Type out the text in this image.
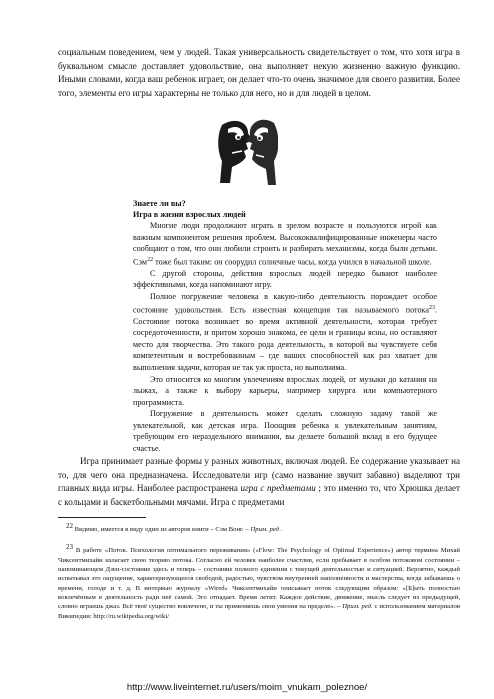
социальным поведением, чем у людей. Такая универсальность свидетельствует о том, что хотя игра в буквальном смысле доставляет удовольствие, она выполняет некую жизненно важную функцию. Иными словами, когда ваш ребенок играет, он делает что-то очень значимое для своего развития. Более того, элементы его игры характерны не только для него, но и для людей в целом.

Знаете ли вы?
Игра в жизни взрослых людей

Многие люди продолжают играть в зрелом возрасте и пользуются игрой как важным компонентом решения проблем. Высококвалифицированные инженеры часто сообщают о том, что они любили строить и разбирать механизмы, когда были детьми. Сэм$^{22}$ тоже был таким: он соорудил солнечные часы, когда учился в начальной школе.

С другой стороны, действия взрослых людей нередко бывают наиболее эффективными, когда напоминают игру.

Полное погружение человека в какую-либо деятельность порождает особое состояние удовольствия. Есть известная концепция так называемого потока$^{23}$. Состояние потока возникает во время активной деятельности, которая требует сосредоточенности, и притом хорошо знакома, ее цели и границы ясны, но оставляют место для творчества. Это такого рода деятельность, в которой вы чувствуете себя компетентным и востребованным – где ваших способностей как раз хватает для выполнения задачи, которая не так уж проста, но выполнима.

Это относится ко многим увлечениям взрослых людей, от музыки до катания на лыжах, а также к выбору карьеры, например хирурга или компьютерного программиста.

Погружение в деятельность может сделать сложную задачу такой же увлекательной, как детская игра. Поощряя ребенка к увлекательным занятиям, требующим его нераздельного внимания, вы делаете большой вклад в его будущее счастье.

Игра принимает разные формы у разных животных, включая людей. Ее содержание указывает на то, для чего она предназначена. Исследователи игр (само название звучит забавно) выделяют три главных вида игры. Наиболее распространена игра с предметами ; это именно то, что Хрюшка делает с кольцами и баскетбольными мячами. Игра с предметами

$^{22}$ Видимо, имеется в виду один из авторов книги – Сэм Вонг. – Прим. ред .

$^{23}$ В работе «Поток. Психология оптимального переживания» («Flow: The Psychology of Optimal Experience») автор термина Михай Чиксентмихайи излагает свою теорию потока. Согласно ей человек наиболее счастлив, если пребывает в особом потоковом состоянии – напоминающем Дзен-состояние здесь и теперь – состояние полного единения с текущей деятельностью и ситуацией. Вероятно, каждый испытывал это ощущение, характеризующееся свободой, радостью, чувством внутренней наполненности и мастерства, когда забываешь о времени, голоде и т. д. В интервью журналу «Wired» Чиксентмихайи описывает поток следующим образом: «[Б]ыть полностью вовлечённым в деятельность ради неё самой. Эго отпадает. Время летит. Каждое действие, движение, мысль следует из предыдущей, словно играешь джаз. Всё твоё существо вовлечено, и ты применяешь свои умения на пределе». – Прим. ред. с использованием материалов Википедии: http://ru.wikipedia.org/wiki/

http://www.liveinternet.ru/users/moim_vnukam_poleznoe/
